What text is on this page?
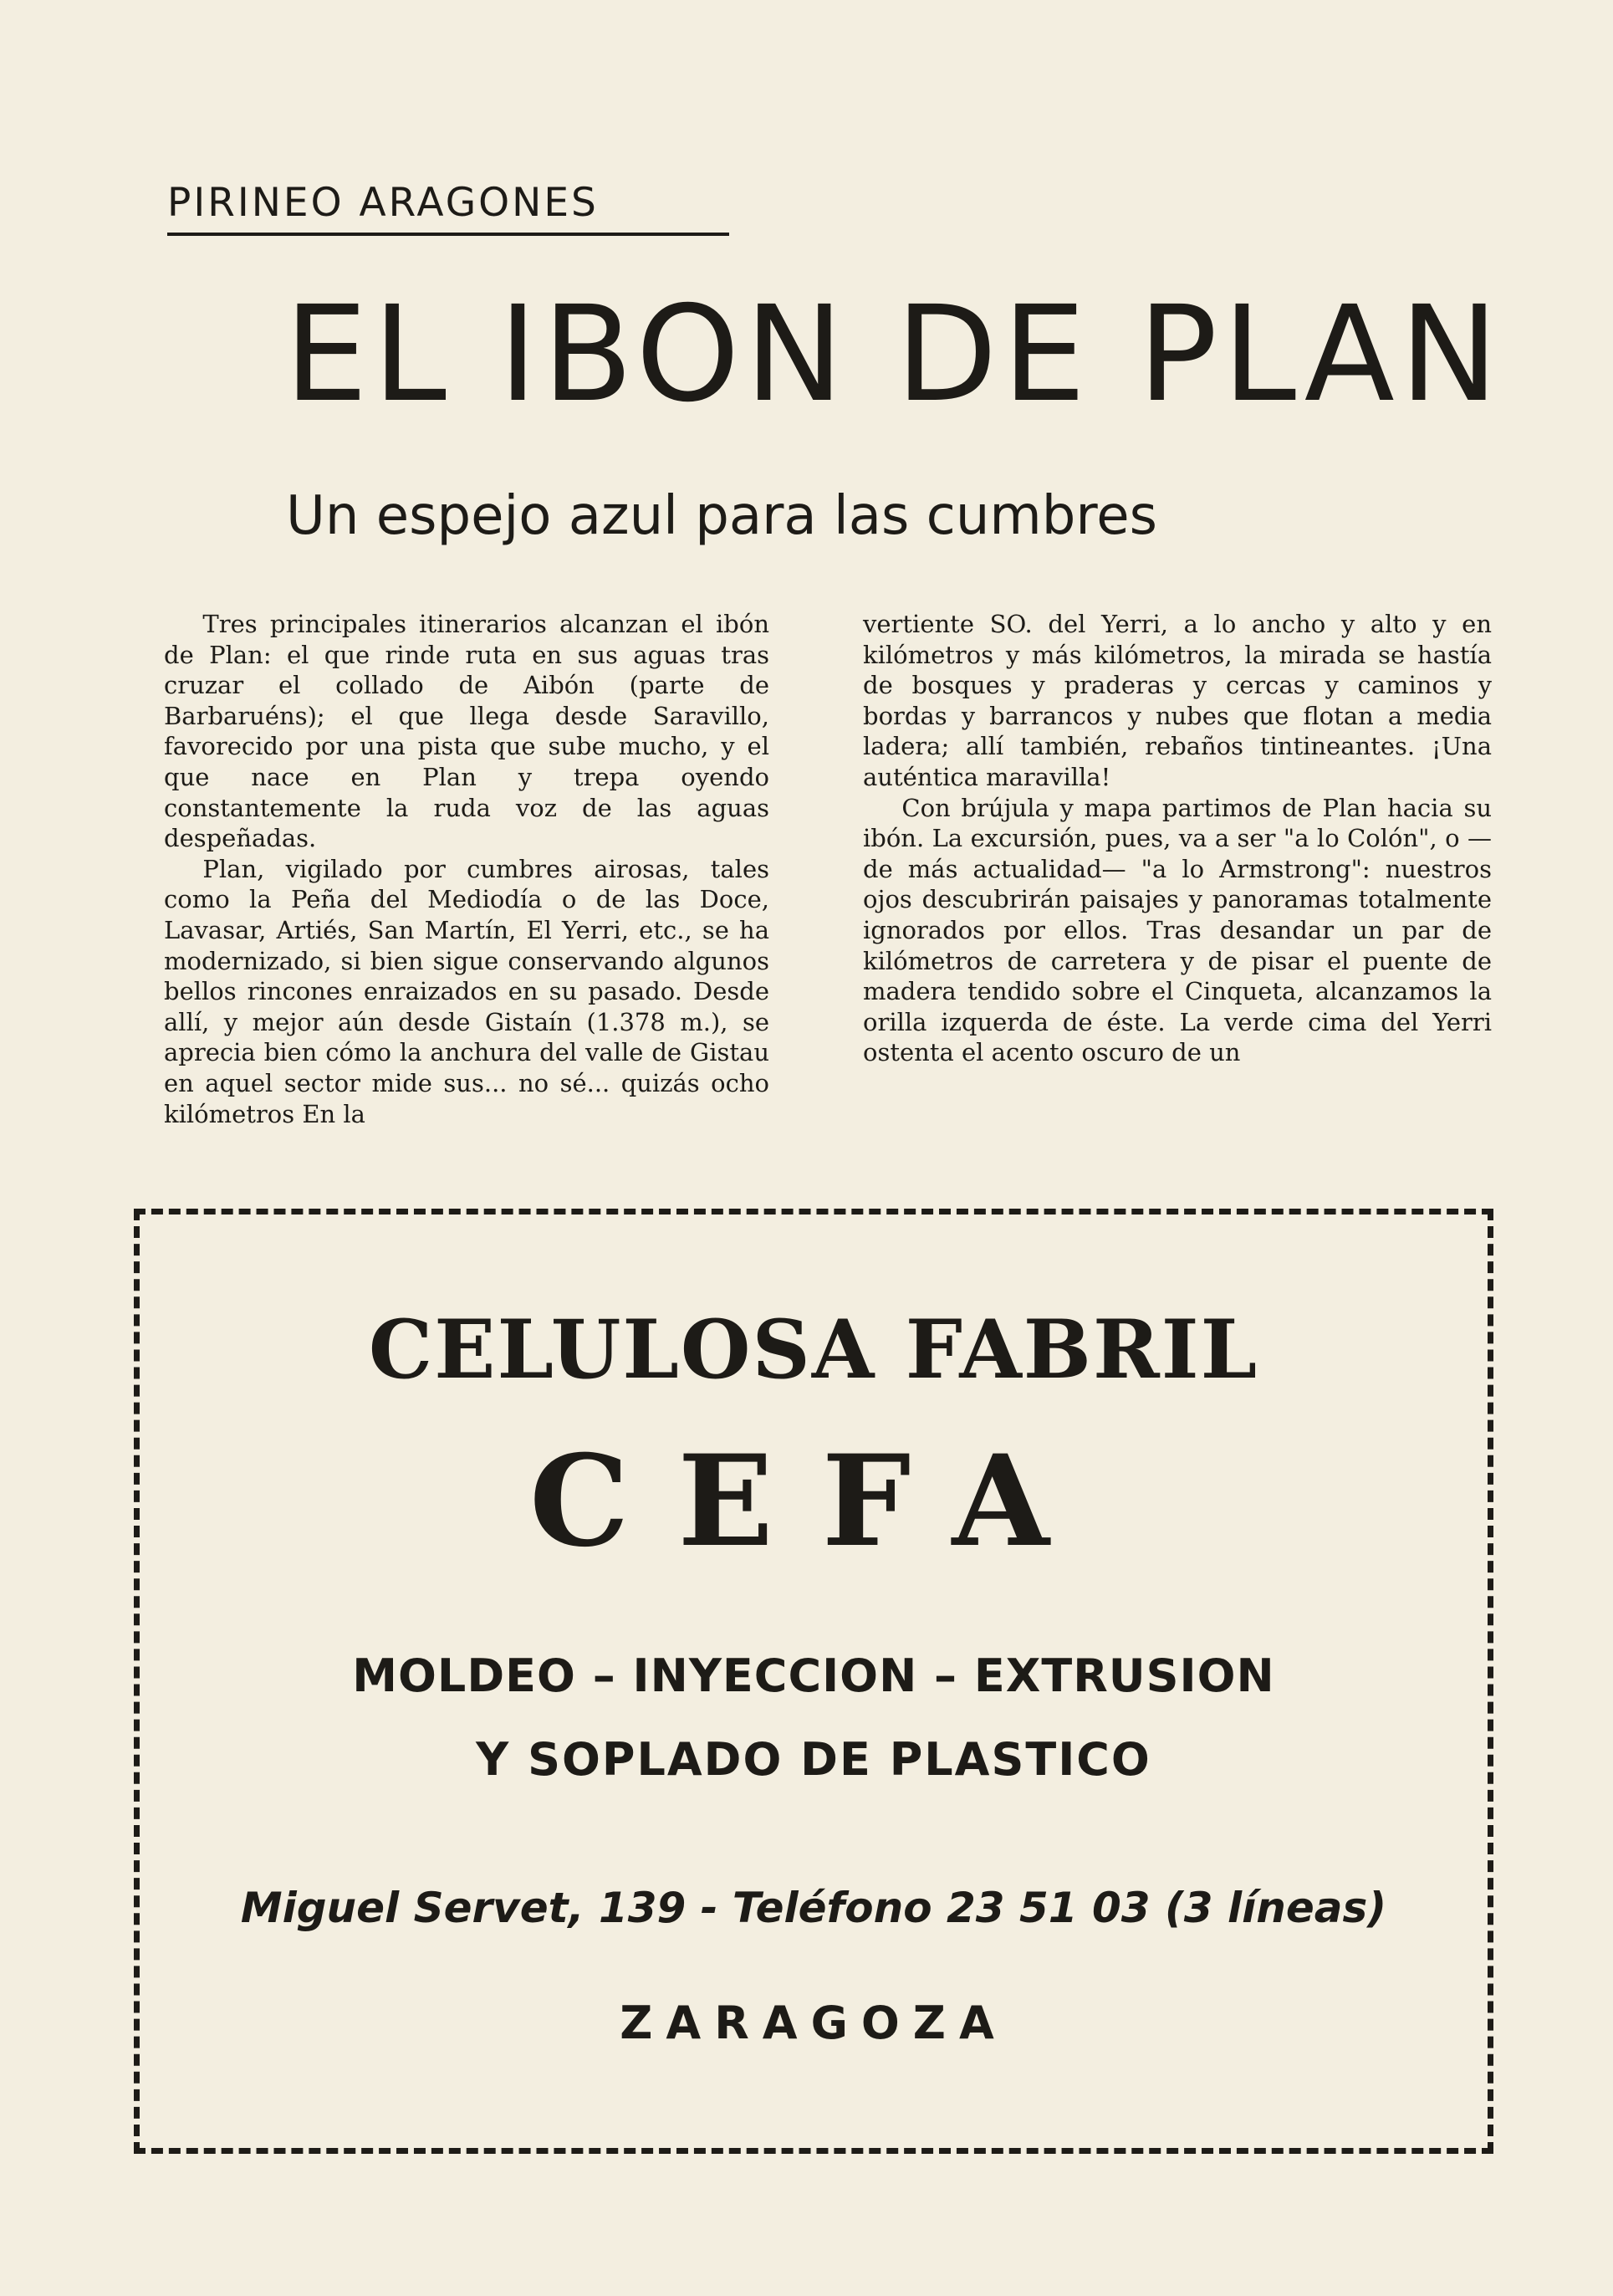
PIRINEO ARAGONES
EL IBON DE PLAN
Un espejo azul para las cumbres

Tres principales itinerarios alcanzan el ibón de Plan: el que rinde ruta en sus aguas tras cruzar el collado de Aibón (parte de Barbaruéns); el que llega desde Saravillo, favorecido por una pista que sube mucho, y el que nace en Plan y trepa oyendo constantemente la ruda voz de las aguas despeñadas.

Plan, vigilado por cumbres airosas, tales como la Peña del Mediodía o de las Doce, Lavasar, Artiés, San Martín, El Yerri, etc., se ha modernizado, si bien sigue conservando algunos bellos rincones enraizados en su pasado. Desde allí, y mejor aún desde Gistaín (1.378 m.), se aprecia bien cómo la anchura del valle de Gistau en aquel sector mide sus... no sé... quizás ocho kilómetros En la

vertiente SO. del Yerri, a lo ancho y alto y en kilómetros y más kilómetros, la mirada se hastía de bosques y praderas y cercas y caminos y bordas y barrancos y nubes que flotan a media ladera; allí también, rebaños tintineantes. ¡Una auténtica maravilla!

Con brújula y mapa partimos de Plan hacia su ibón. La excursión, pues, va a ser "a lo Colón", o —de más actualidad— "a lo Armstrong": nuestros ojos descubrirán paisajes y panoramas totalmente ignorados por ellos. Tras desandar un par de kilómetros de carretera y de pisar el puente de madera tendido sobre el Cinqueta, alcanzamos la orilla izquerda de éste. La verde cima del Yerri ostenta el acento oscuro de un

CELULOSA FABRIL
CEFA
MOLDEO – INYECCION – EXTRUSION
Y SOPLADO DE PLASTICO
Miguel Servet, 139 - Teléfono 23 51 03 (3 líneas)
ZARAGOZA
